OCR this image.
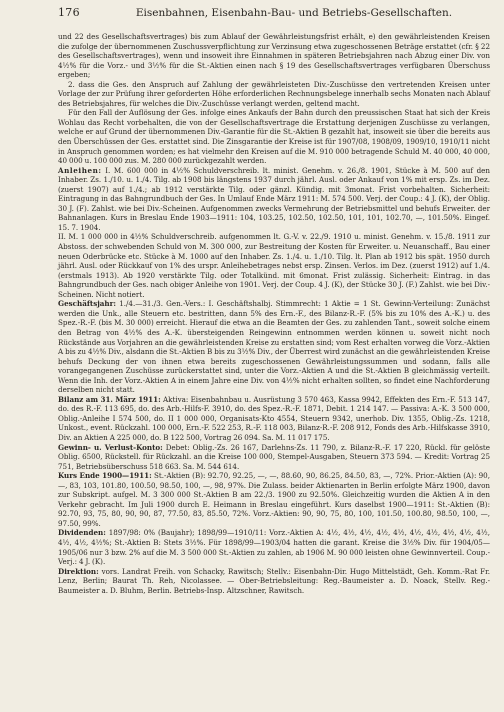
176	Eisenbahnen, Eisenbahn-Bau- und Betriebs-Gesellschaften.

und 22 des Gesellschaftsvertrages) bis zum Ablauf der Gewährleistungsfrist erhält, e) den gewährleistenden Kreisen die zufolge der übernommenen Zuschussverpflichtung zur Verzinsung etwa zugeschossenen Beträge erstattet (cfr. § 22 des Gesellschaftsvertrages), wenn und insoweit ihre Einnahmen in späteren Betriebsjahren nach Abzug einer Div. von 4½% für die Vorz.- und 3½% für die St.-Aktien einen nach § 19 des Gesellschaftsvertrages verfügbaren Überschuss ergeben;

2. dass die Ges. den Anspruch auf Zahlung der gewährleisteten Div.-Zuschüsse den vertretenden Kreisen unter Vorlage der zur Prüfung ihrer geforderten Höhe erforderlichen Rechnungsbelege innerhalb sechs Monaten nach Ablauf des Betriebsjahres, für welches die Div.-Zuschüsse verlangt werden, geltend macht.

Für den Fall der Auflösung der Ges. infolge eines Ankaufs der Bahn durch den preussischen Staat hat sich der Kreis Wohlau das Recht vorbehalten, die von der Gesellschaftsvertrage die Erstattung derjenigen Zuschüsse zu verlangen, welche er auf Grund der übernommenen Div.-Garantie für die St.-Aktien B gezahlt hat, insoweit sie über die bereits aus den Überschüssen der Ges. erstattet sind. Die Zinsgarantie der Kreise ist für 1907/08, 1908/09, 1909/10, 1910/11 nicht in Anspruch genommen worden; es hat vielmehr den Kreisen auf die M. 910 000 betragende Schuld M. 40 000, 40 000, 40 000 u. 100 000 zus. M. 280 000 zurückgezahlt werden.

Anleihen: I. M. 600 000 in 4½% Schuldverschreib. lt. minist. Genehm. v. 26./8. 1901, Stücke à M. 500 auf den Inhaber. Zs. 1./10. u. 1./4. Tilg. ab 1908 bis längstens 1937 durch jährl. Ausl. oder Ankauf von 1% mit ersp. Zs. im Dez. (zuerst 1907) auf 1./4.; ab 1912 verstärkte Tilg. oder gänzl. Kündig. mit 3monat. Frist vorbehalten. Sicherheit: Eintragung in das Bahngrundbuch der Ges. In Umlauf Ende März 1911: M. 574 500. Verj. der Coup.: 4 J. (K), der Oblig. 30 J. (F). Zahlst. wie bei Div.-Scheinen. Aufgenommen zwecks Vermehrung der Betriebsmittel und behufs Erweiter. der Bahnanlagen. Kurs in Breslau Ende 1903—1911: 104, 103.25, 102.50, 102.50, 101, 101, 102.70, —, 101.50%. Eingef. 15. 7. 1904.

II. M. 1 000 000 in 4½% Schuldverschreib. aufgenommen lt. G.-V. v. 22./9. 1910 u. minist. Genehm. v. 15./8. 1911 zur Abstoss. der schwebenden Schuld von M. 300 000, zur Bestreitung der Kosten für Erweiter. u. Neuanschaff., Bau einer neuen Oderbrücke etc. Stücke à M. 1000 auf den Inhaber. Zs. 1./4. u. 1./10. Tilg. lt. Plan ab 1912 bis spät. 1950 durch jährl. Ausl. oder Rückkauf von 1% des urspr. Anleihebetrages nebst ersp. Zinsen. Verlos. im Dez. (zuerst 1912) auf 1./4. (erstmals 1913). Ab 1920 verstärkte Tilg. oder Totalkünd. mit 6monat. Frist zulässig. Sicherheit: Eintrag. in das Bahngrundbuch der Ges. nach obiger Anleihe von 1901. Verj. der Coup. 4 J. (K), der Stücke 30 J. (F.) Zahlst. wie bei Div.-Scheinen. Nicht notiert.

Geschäftsjahr: 1./4.—31./3. Gen.-Vers.: I. Geschäftshalbj. Stimmrecht: 1 Aktie = 1 St. Gewinn-Verteilung: Zunächst werden die Unk., alle Steuern etc. bestritten, dann 5% des Ern.-F., des Bilanz-R.-F. (5% bis zu 10% des A.-K.) u. des Spez.-R.-F. (bis M. 30 000) erreicht. Hierauf die etwa an die Beamten der Ges. zu zahlenden Tant., soweit solche einem den Betrag von 4½% des A.-K. übersteigenden Reingewinn entnommen werden können u. soweit nicht noch Rückstände aus Vorjahren an die gewährleistenden Kreise zu erstatten sind; vom Rest erhalten vorweg die Vorz.-Aktien A bis zu 4½% Div., alsdann die St.-Aktien B bis zu 3½% Div., der Überrest wird zunächst an die gewährleistenden Kreise behufs Deckung der von ihnen etwa bereits zugeschossenen Gewährleistungssummen und sodann, falls alle vorangegangenen Zuschüsse zurückerstattet sind, unter die Vorz.-Aktien A und die St.-Aktien B gleichmässig verteilt. Wenn die Inh. der Vorz.-Aktien A in einem Jahre eine Div. von 4½% nicht erhalten sollten, so findet eine Nachforderung derselben nicht statt.

Bilanz am 31. März 1911: Aktiva: Eisenbahnbau u. Ausrüstung 3 570 463, Kassa 9942, Effekten des Ern.-F. 513 147, do. des R.-F. 113 695, do. des Arb.-Hilfs-F. 3910, do. des Spez.-R.-F. 1871, Debit. 1 214 147. — Passiva: A.-K. 3 500 000, Oblig.-Anleihe I 574 500, do. II 1 000 000, Organisats-Kto 4554, Steuern 9342, unerhob. Div. 1355, Oblig.-Zs. 1218, Unkost., event. Rückzahl. 100 000, Ern.-F. 522 253, R.-F. 118 003, Bilanz-R.-F. 208 912, Fonds des Arb.-Hilfskasse 3910, Div. an Aktien A 225 000, do. B 122 500, Vortrag 26 094. Sa. M. 11 017 175.

Gewinn- u. Verlust-Konto: Debet: Oblig.-Zs. 26 167, Darlehns-Zs. 11 790, z. Bilanz-R.-F. 17 220, Rückl. für gelöste Oblig. 6500, Rückstell. für Rückzahl. an die Kreise 100 000, Stempel-Ausgaben, Steuern 373 594. — Kredit: Vortrag 25 751, Betriebsüberschuss 518 663. Sa. M. 544 614.

Kurs Ende 1900—1911: St.-Aktien (B): 92.70, 92.25, —, —, 88.60, 90, 86.25, 84.50, 83, —, 72%. Prior.-Aktien (A): 90, —, 83, 103, 101.80, 100.50, 98.50, 100, —, 98, 97%. Die Zulass. beider Aktienarten in Berlin erfolgte März 1900, davon zur Subskript. aufgel. M. 3 300 000 St.-Aktien B am 22./3. 1900 zu 92.50%. Gleichzeitig wurden die Aktien A in den Verkehr gebracht. Im Juli 1900 durch E. Heimann in Breslau eingeführt. Kurs daselbst 1900—1911: St.-Aktien (B): 92.70, 93, 75, 80, 90, 90, 87, 77.50, 83, 85.50, 72%. Vorz.-Aktien: 90, 90, 75, 80, 100, 101.50, 100.80, 98.50, 100, —, 97.50, 99%.

Dividenden: 1897/98: 0% (Baujahr); 1898/99—1910/11: Vorz.-Aktien A: 4½, 4½, 4½, 4½, 4½, 4½, 4½, 4½, 4½, 4½, 4½, 4½, 4½%; St.-Aktien B: Stets 3½%. Für 1898/99—1903/04 hatten die garant. Kreise die 3½% Div. für 1904/05—1905/06 nur 3 bzw. 2% auf die M. 3 500 000 St.-Aktien zu zahlen, ab 1906 M. 90 000 leisten ohne Gewinnverteil. Coup.-Verj.: 4 J. (K).

Direktion: vors. Landrat Freih. von Schacky, Rawitsch; Stellv.: Eisenbahn-Dir. Hugo Mittelstädt, Geh. Komm.-Rat Fr. Lenz, Berlin; Baurat Th. Reh, Nicolassee. — Ober-Betriebsleitung: Reg.-Baumeister a. D. Noack, Stellv. Reg.-Baumeister a. D. Bluhm, Berlin. Betriebs-Insp. Altzschner, Rawitsch.
